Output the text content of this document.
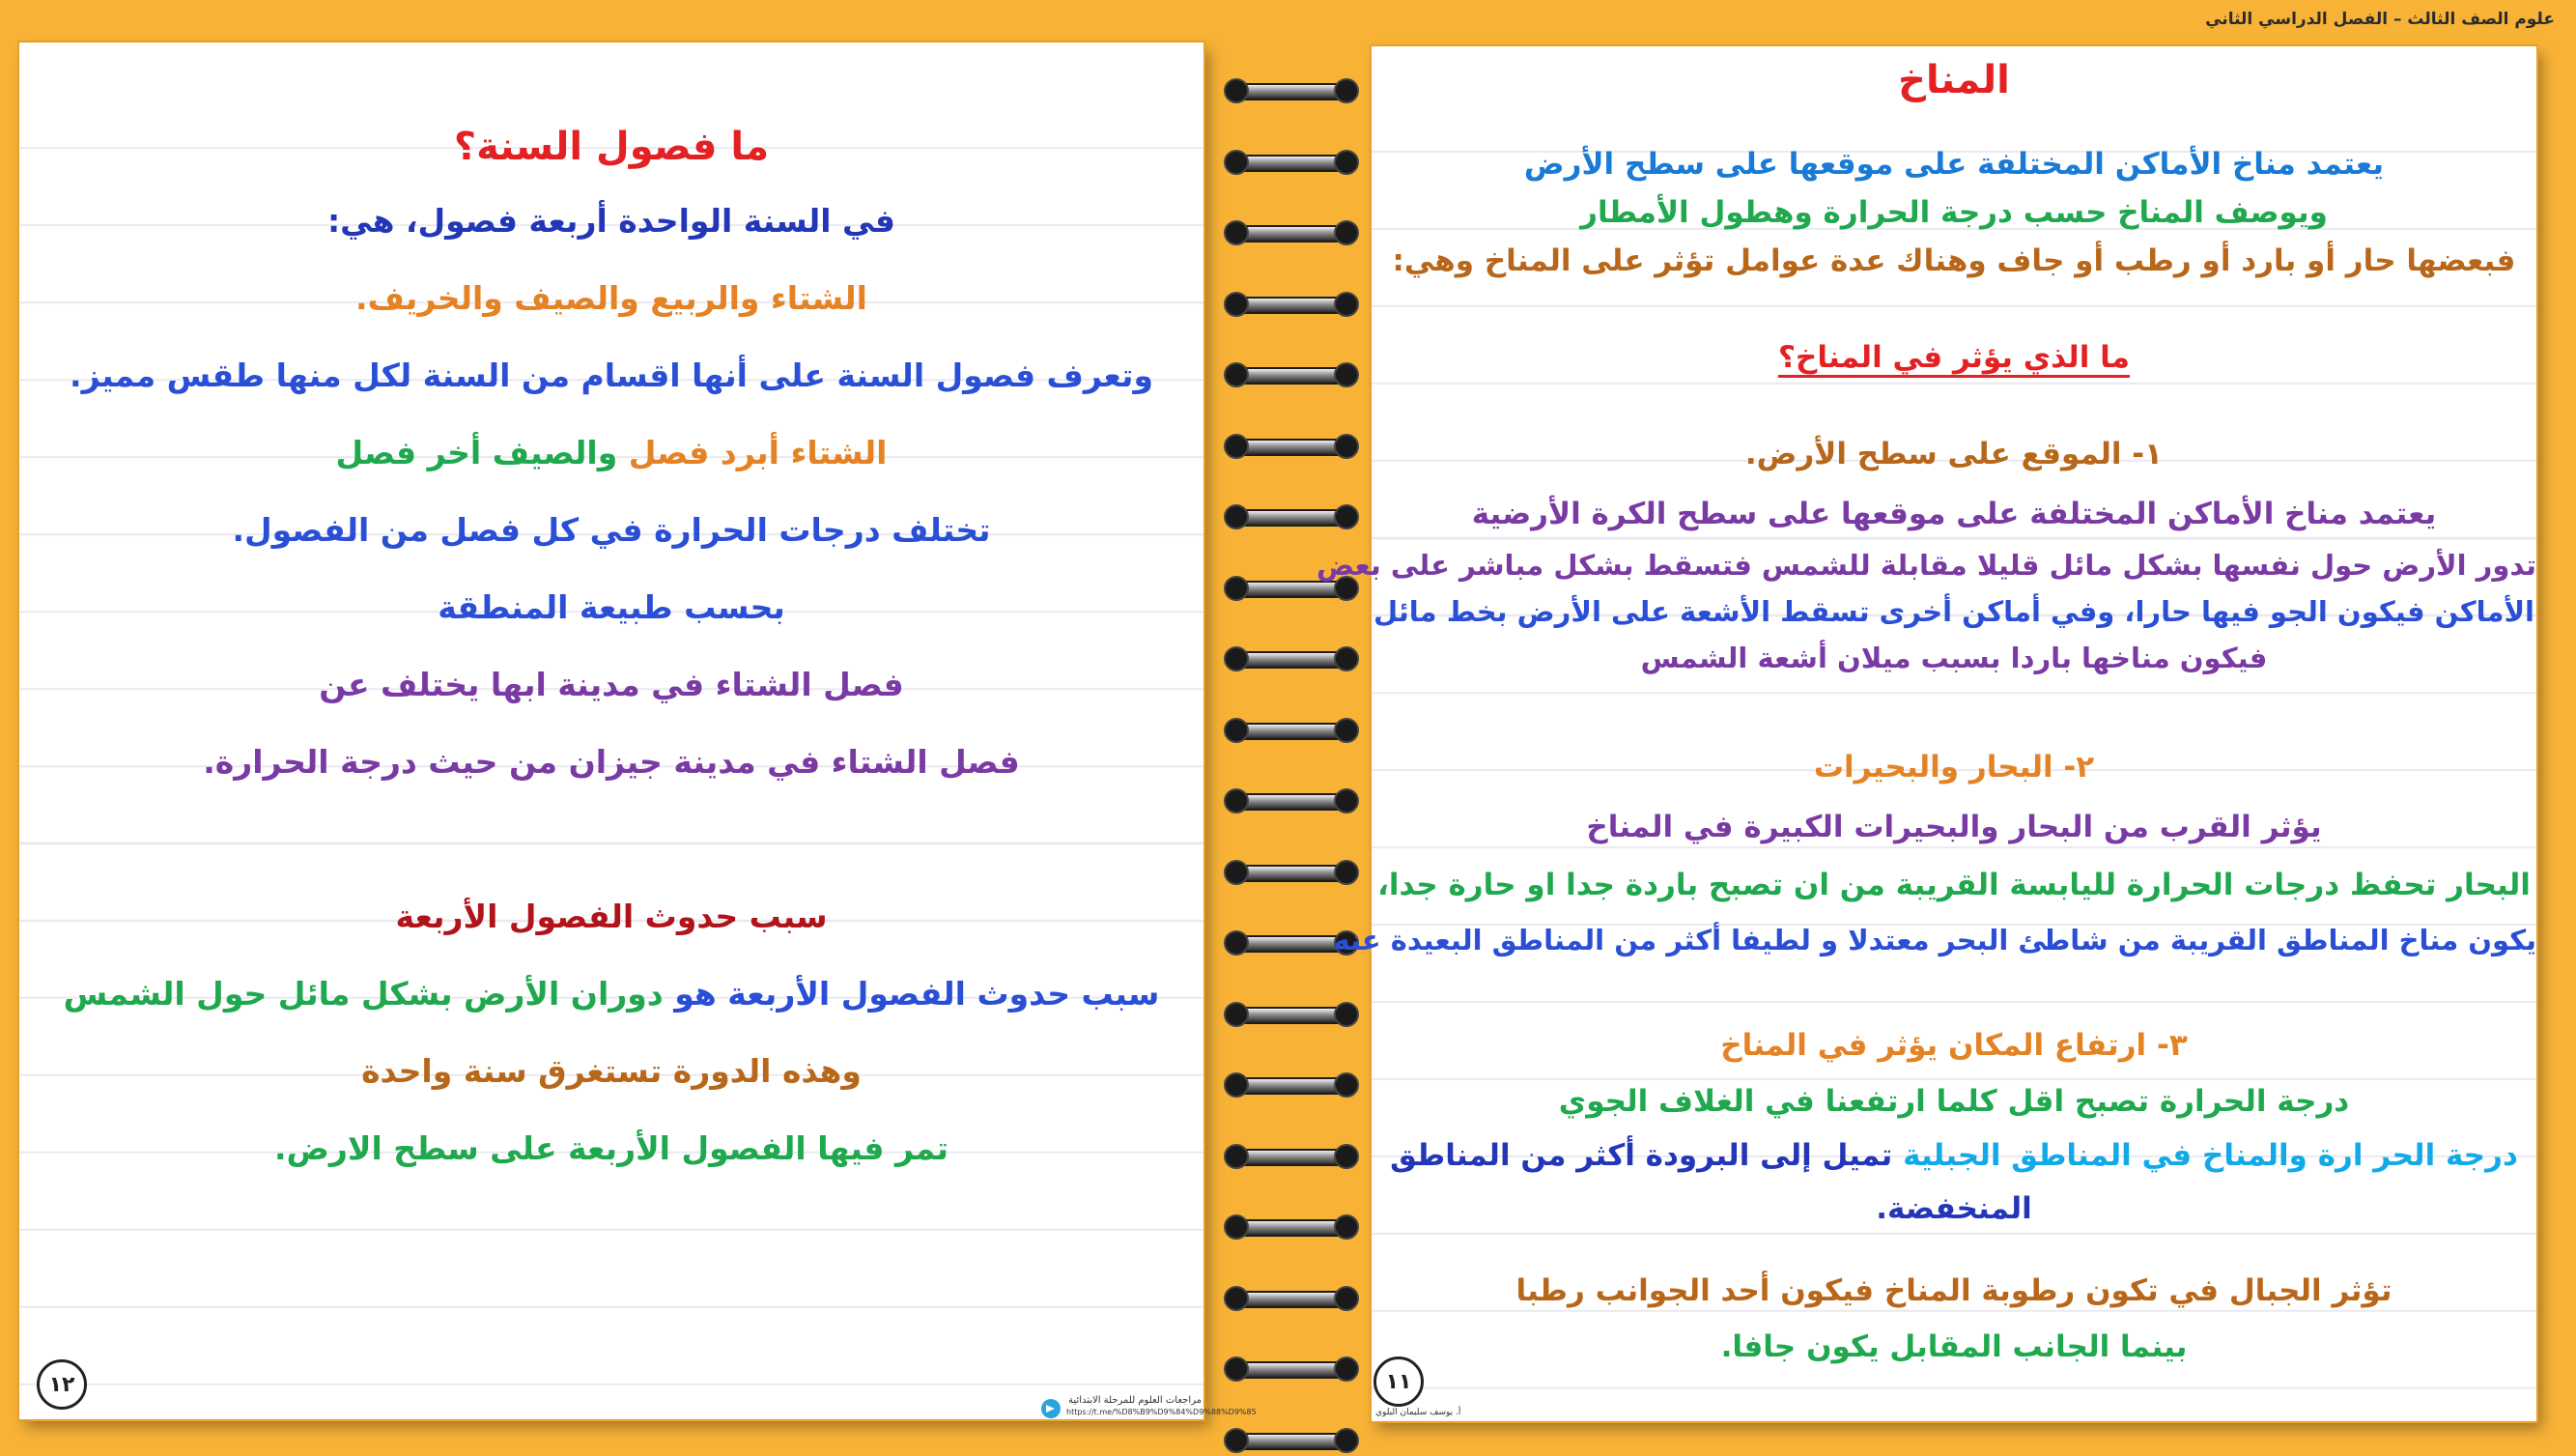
علوم الصف الثالث – الفصل الدراسي الثاني
ما فصول السنة؟
في السنة الواحدة أربعة فصول، هي:
الشتاء والربيع والصيف والخريف.
وتعرف فصول السنة على أنها اقسام من السنة لكل منها طقس مميز.
الشتاء أبرد فصل والصيف أخر فصل
تختلف درجات الحرارة في كل فصل من الفصول.
بحسب طبيعة المنطقة
فصل الشتاء في مدينة ابها يختلف عن
فصل الشتاء في مدينة جيزان من حيث درجة الحرارة.
سبب حدوث الفصول الأربعة
سبب حدوث الفصول الأربعة هو دوران الأرض بشكل مائل حول الشمس
وهذه الدورة تستغرق سنة واحدة
تمر فيها الفصول الأربعة على سطح الارض.
١٢
مراجعات العلوم للمرحلة الابتدائية
https://t.me/%D8%B9%D9%84%D9%88%D9%85
المناخ
يعتمد مناخ الأماكن المختلفة على موقعها على سطح الأرض
ويوصف المناخ حسب درجة الحرارة وهطول الأمطار
فبعضها حار أو بارد أو رطب أو جاف وهناك عدة عوامل تؤثر على المناخ وهي:
ما الذي يؤثر في المناخ؟
١- الموقع على سطح الأرض.
يعتمد مناخ الأماكن المختلفة على موقعها على سطح الكرة الأرضية
تدور الأرض حول نفسها بشكل مائل قليلا مقابلة للشمس فتسقط بشكل مباشر على بعض
الأماكن فيكون الجو فيها حارا، وفي أماكن أخرى تسقط الأشعة على الأرض بخط مائل
فيكون مناخها باردا بسبب ميلان أشعة الشمس
٢- البحار والبحيرات
يؤثر القرب من البحار والبحيرات الكبيرة في المناخ
البحار تحفظ درجات الحرارة لليابسة القريبة من ان تصبح باردة جدا او حارة جدا،
يكون مناخ المناطق القريبة من شاطئ البحر معتدلا و لطيفا أكثر من المناطق البعيدة عنه
٣- ارتفاع المكان يؤثر في المناخ
درجة الحرارة تصبح اقل كلما ارتفعنا في الغلاف الجوي
درجة الحر ارة والمناخ في المناطق الجبلية تميل إلى البرودة أكثر من المناطق
المنخفضة.
تؤثر الجبال في تكون رطوبة المناخ فيكون أحد الجوانب رطبا
بينما الجانب المقابل يكون جافا.
١١
أ. يوسف سليمان البلوي
